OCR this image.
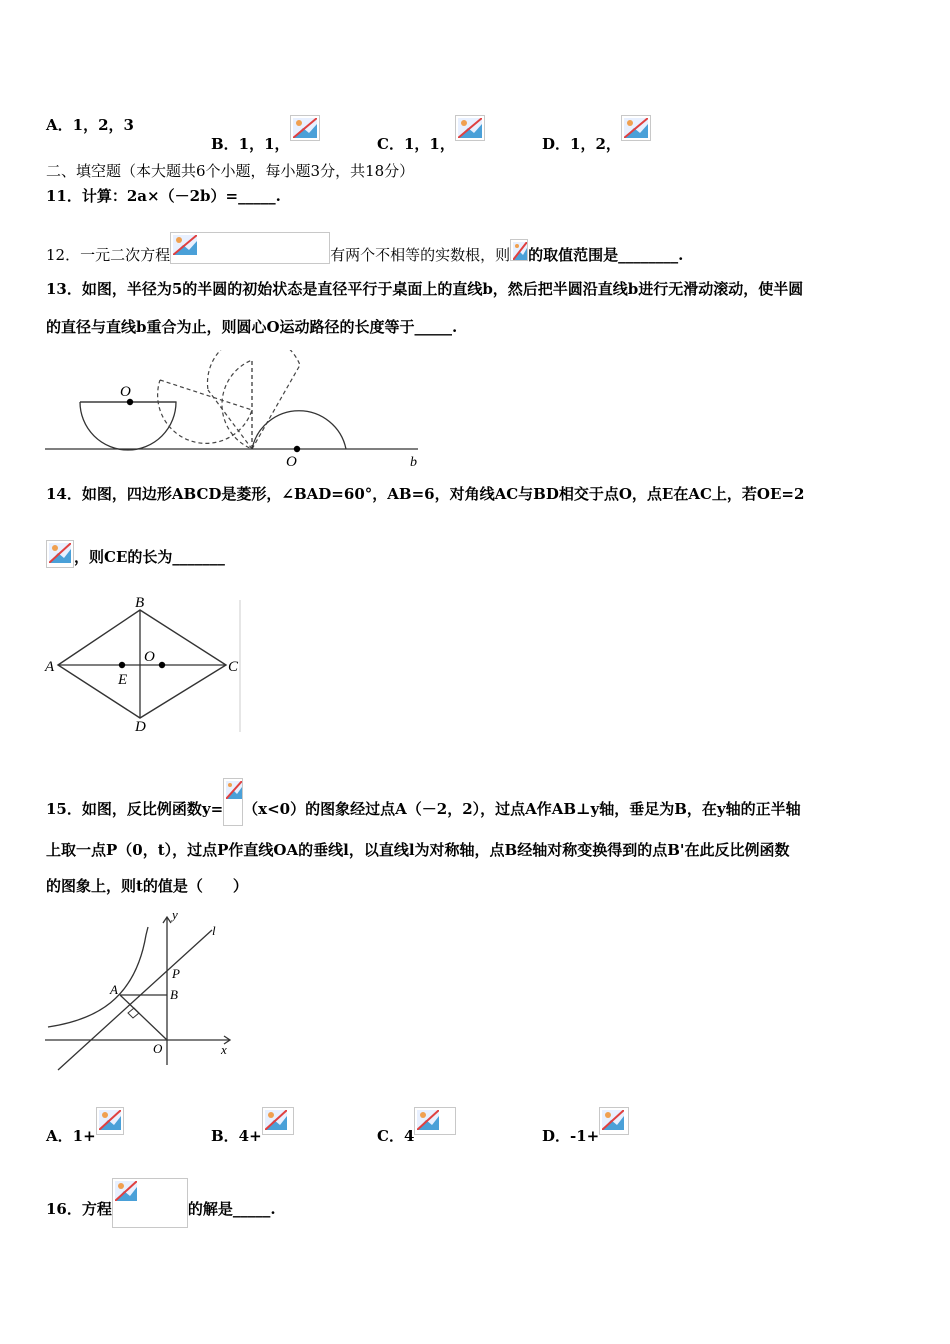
A．1，2，3
B．1，1，	C．1，1，	D．1，2，
二、填空题（本大题共6个小题，每小题3分，共18分）
11．计算：2a×（－2b）=_____.
12．一元二次方程	有两个不相等的实数根，则 的取值范围是________.
13．如图，半径为5的半圆的初始状态是直径平行于桌面上的直线b，然后把半圆沿直线b进行无滑动滚动，使半圆
的直径与直线b重合为止，则圆心O运动路径的长度等于_____.
O
O	b
14．如图，四边形ABCD是菱形，∠BAD=60°，AB=6，对角线AC与BD相交于点O，点E在AC上，若OE=2
，则CE的长为_______
A
B
C
D
O
E
15．如图，反比例函数y= （x<0）的图象经过点A（－2，2），过点A作AB⊥y轴，垂足为B，在y轴的正半轴
上取一点P（0，t），过点P作直线OA的垂线l，以直线l为对称轴，点B经轴对称变换得到的点B'在此反比例函数
的图象上，则t的值是（　　）
y
l
P
A	B
O	x
A．1+	B．4+	C．4	D．-1+
16．方程	的解是_____.
